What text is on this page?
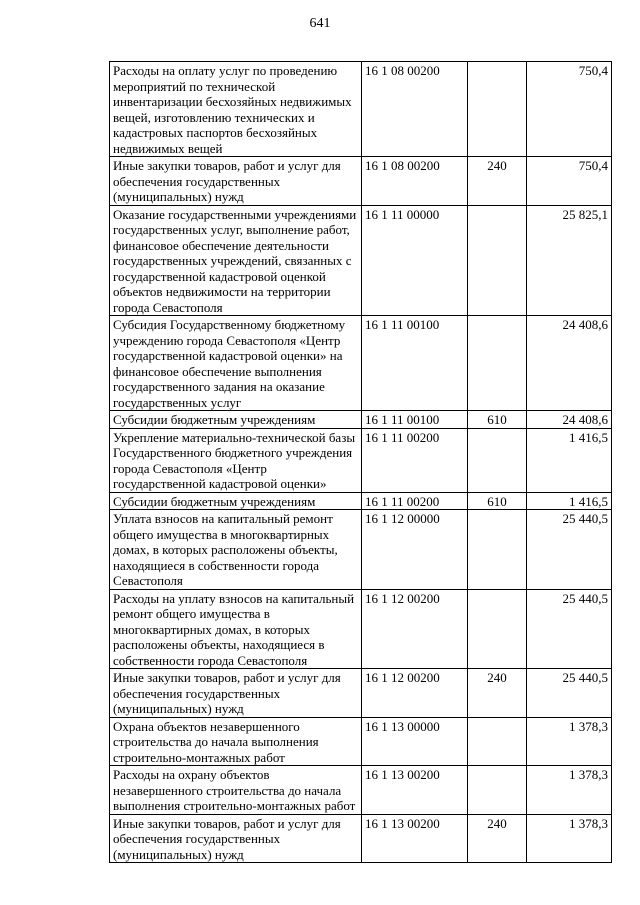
641
Расходы на оплату услуг по проведению мероприятий по технической инвентаризации бесхозяйных недвижимых вещей, изготовлению технических и кадастровых паспортов бесхозяйных недвижимых вещей	16 1 08 00200		750,4
Иные закупки товаров, работ и услуг для обеспечения государственных (муниципальных) нужд	16 1 08 00200	240	750,4
Оказание государственными учреждениями государственных услуг, выполнение работ, финансовое обеспечение деятельности государственных учреждений, связанных с государственной кадастровой оценкой объектов недвижимости на территории города Севастополя	16 1 11 00000		25 825,1
Субсидия Государственному бюджетному учреждению города Севастополя «Центр государственной кадастровой оценки» на финансовое обеспечение выполнения государственного задания на оказание государственных услуг	16 1 11 00100		24 408,6
Субсидии бюджетным учреждениям	16 1 11 00100	610	24 408,6
Укрепление материально-технической базы Государственного бюджетного учреждения города Севастополя «Центр государственной кадастровой оценки»	16 1 11 00200		1 416,5
Субсидии бюджетным учреждениям	16 1 11 00200	610	1 416,5
Уплата взносов на капитальный ремонт общего имущества в многоквартирных домах, в которых расположены объекты, находящиеся в собственности города Севастополя	16 1 12 00000		25 440,5
Расходы на уплату взносов на капитальный ремонт общего имущества в многоквартирных домах, в которых расположены объекты, находящиеся в собственности города Севастополя	16 1 12 00200		25 440,5
Иные закупки товаров, работ и услуг для обеспечения государственных (муниципальных) нужд	16 1 12 00200	240	25 440,5
Охрана объектов незавершенного строительства до начала выполнения строительно-монтажных работ	16 1 13 00000		1 378,3
Расходы на охрану объектов незавершенного строительства до начала выполнения строительно-монтажных работ	16 1 13 00200		1 378,3
Иные закупки товаров, работ и услуг для обеспечения государственных (муниципальных) нужд	16 1 13 00200	240	1 378,3
